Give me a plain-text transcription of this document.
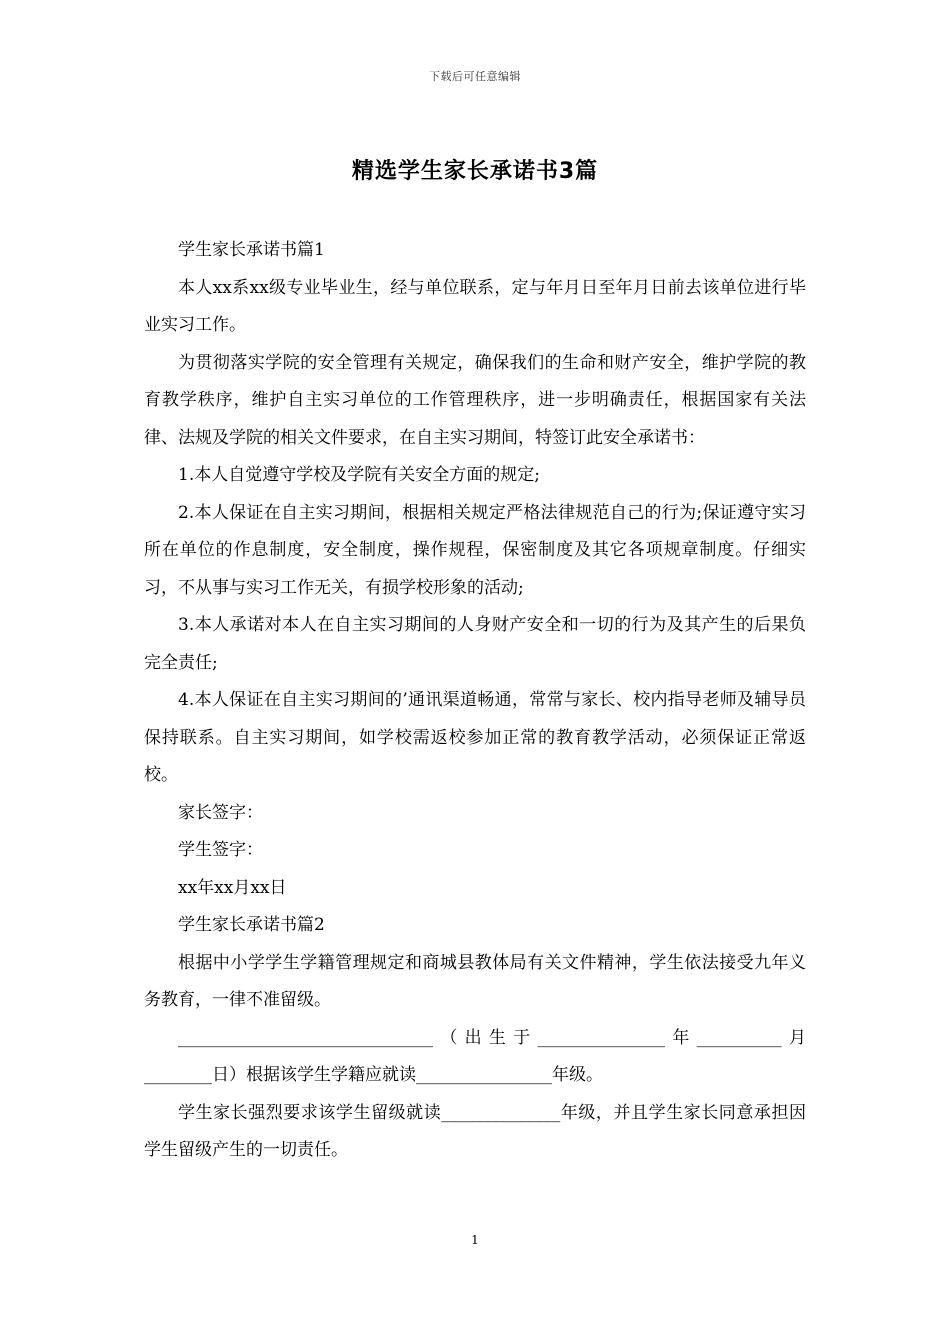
下载后可任意编辑
精选学生家长承诺书3篇

学生家长承诺书篇1

本人xx系xx级专业毕业生，经与单位联系，定与年月日至年月日前去该单位进行毕业实习工作。

为贯彻落实学院的安全管理有关规定，确保我们的生命和财产安全，维护学院的教育教学秩序，维护自主实习单位的工作管理秩序，进一步明确责任，根据国家有关法律、法规及学院的相关文件要求，在自主实习期间，特签订此安全承诺书：

1.本人自觉遵守学校及学院有关安全方面的规定;

2.本人保证在自主实习期间，根据相关规定严格法律规范自己的行为;保证遵守实习所在单位的作息制度，安全制度，操作规程，保密制度及其它各项规章制度。仔细实习，不从事与实习工作无关，有损学校形象的活动;

3.本人承诺对本人在自主实习期间的人身财产安全和一切的行为及其产生的后果负完全责任;

4.本人保证在自主实习期间的’通讯渠道畅通，常常与家长、校内指导老师及辅导员保持联系。自主实习期间，如学校需返校参加正常的教育教学活动，必须保证正常返校。

家长签字：

学生签字：

xx年xx月xx日

学生家长承诺书篇2

根据中小学学生学籍管理规定和商城县教体局有关文件精神，学生依法接受九年义务教育，一律不准留级。

______________________________（出生于_______________年__________月________日）根据该学生学籍应就读________________年级。

学生家长强烈要求该学生留级就读______________年级，并且学生家长同意承担因学生留级产生的一切责任。

1
